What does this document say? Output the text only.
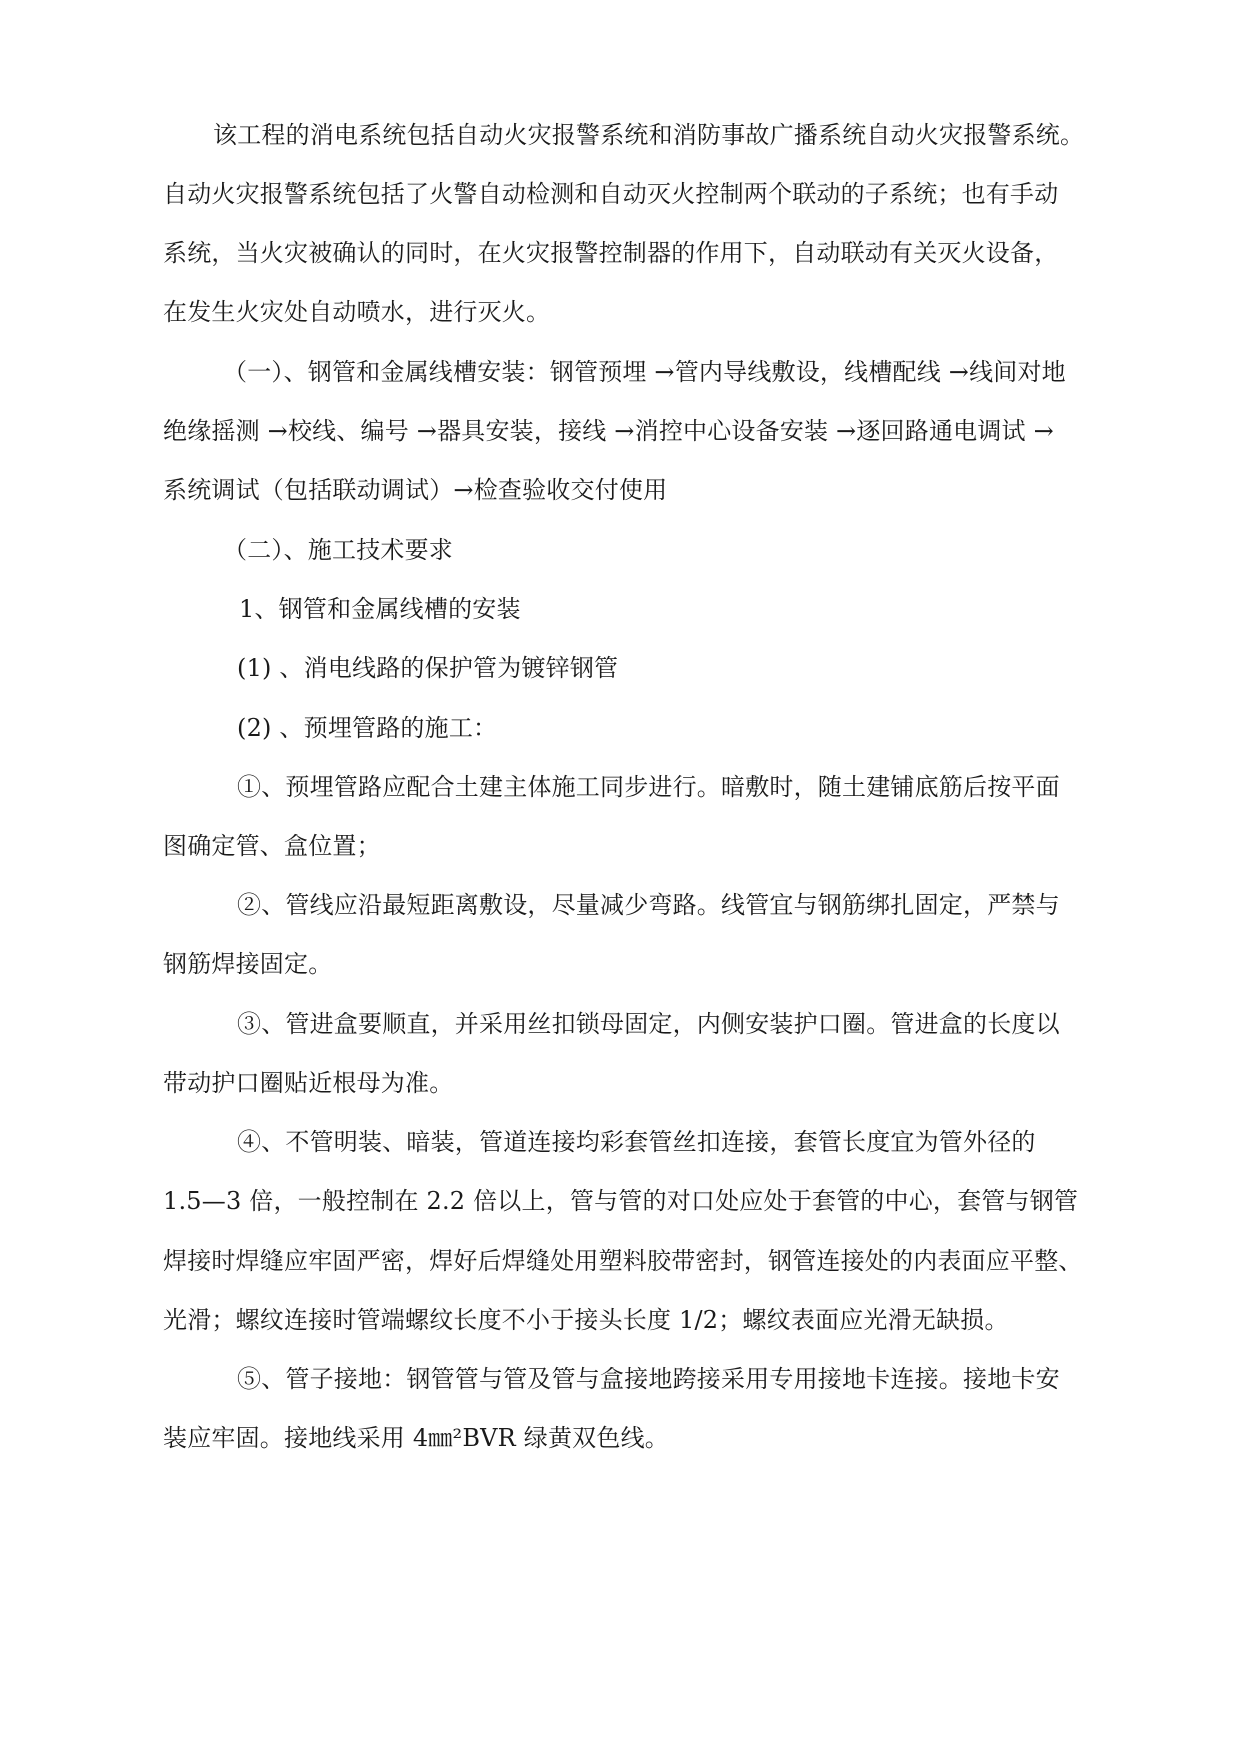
该工程的消电系统包括自动火灾报警系统和消防事故广播系统自动火灾报警系统。

自动火灾报警系统包括了火警自动检测和自动灭火控制两个联动的子系统；也有手动

系统，当火灾被确认的同时，在火灾报警控制器的作用下，自动联动有关灭火设备，

在发生火灾处自动喷水，进行灭火。

（一）、钢管和金属线槽安装：钢管预埋 →管内导线敷设，线槽配线 →线间对地

绝缘摇测 →校线、编号 →器具安装，接线 →消控中心设备安装 →逐回路通电调试 →

系统调试（包括联动调试）→检查验收交付使用

（二）、施工技术要求

1、钢管和金属线槽的安装

(1) 、消电线路的保护管为镀锌钢管

(2) 、预埋管路的施工：

①、预埋管路应配合土建主体施工同步进行。暗敷时，随土建铺底筋后按平面

图确定管、盒位置；

②、管线应沿最短距离敷设，尽量减少弯路。线管宜与钢筋绑扎固定，严禁与

钢筋焊接固定。

③、管进盒要顺直，并采用丝扣锁母固定，内侧安装护口圈。管进盒的长度以

带动护口圈贴近根母为准。

④、不管明装、暗装，管道连接均彩套管丝扣连接，套管长度宜为管外径的

1.5—3 倍，一般控制在 2.2 倍以上，管与管的对口处应处于套管的中心，套管与钢管

焊接时焊缝应牢固严密，焊好后焊缝处用塑料胶带密封，钢管连接处的内表面应平整、

光滑；螺纹连接时管端螺纹长度不小于接头长度 1/2；螺纹表面应光滑无缺损。

⑤、管子接地：钢管管与管及管与盒接地跨接采用专用接地卡连接。接地卡安

装应牢固。接地线采用 4㎜²BVR 绿黄双色线。
